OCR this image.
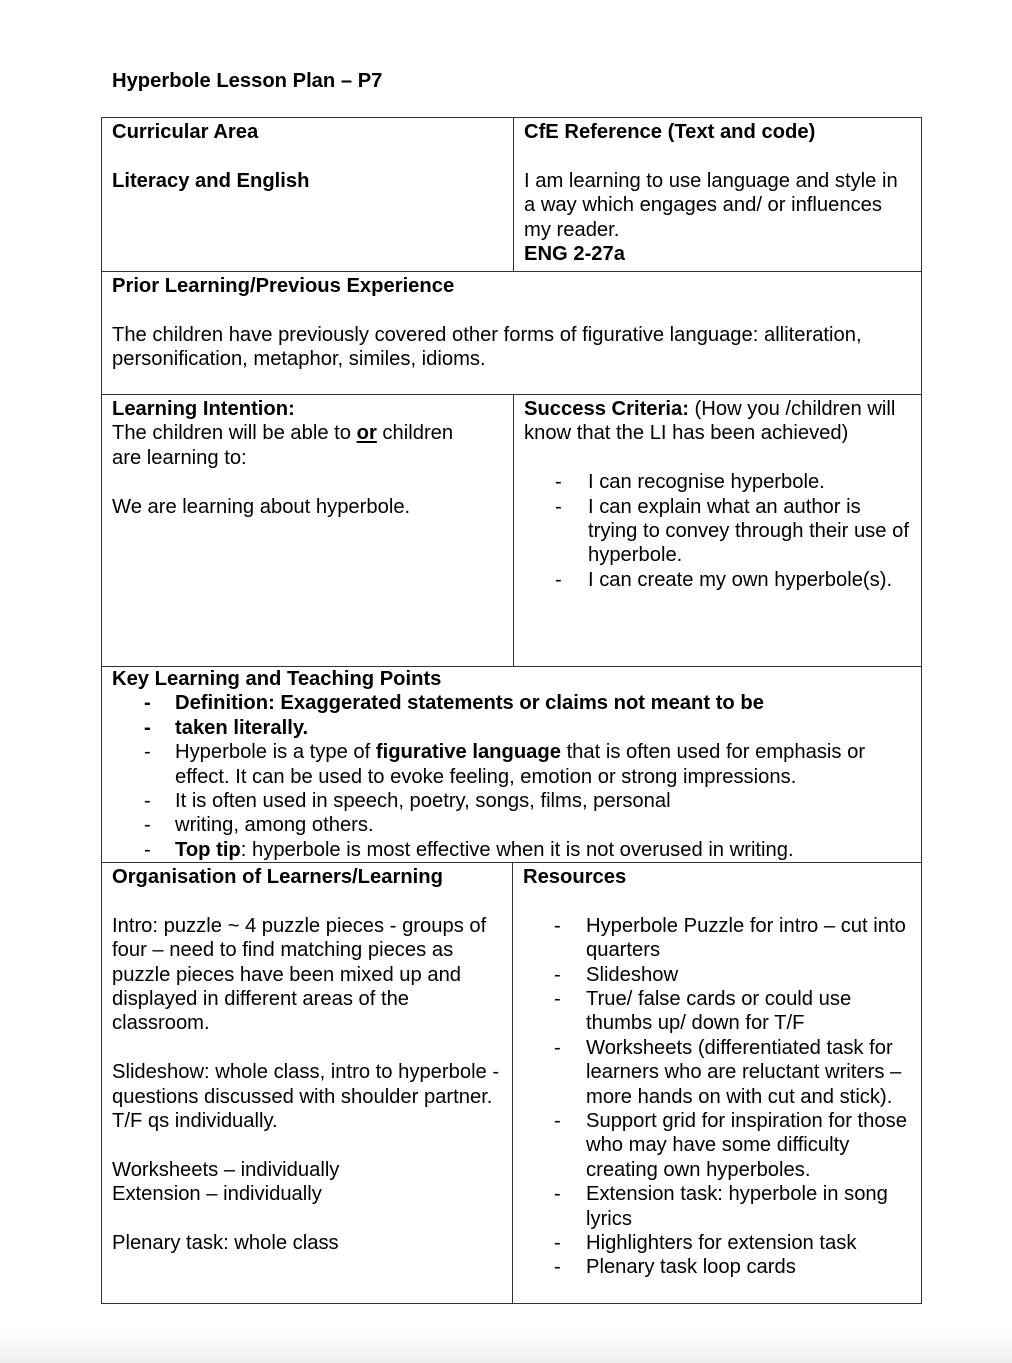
Hyperbole Lesson Plan – P7

Curricular Area

Literacy and English

CfE Reference (Text and code)

I am learning to use language and style in a way which engages and/ or influences my reader.

ENG 2-27a

Prior Learning/Previous Experience

The children have previously covered other forms of figurative language: alliteration, personification, metaphor, similes, idioms.

Learning Intention:

The children will be able to or children are learning to:

We are learning about hyperbole.

Success Criteria: (How you /children will know that the LI has been achieved)

- I can recognise hyperbole.
- I can explain what an author is trying to convey through their use of hyperbole.
- I can create my own hyperbole(s).

Key Learning and Teaching Points

- Definition: Exaggerated statements or claims not meant to be
- taken literally.
- Hyperbole is a type of figurative language that is often used for emphasis or effect. It can be used to evoke feeling, emotion or strong impressions.
- It is often used in speech, poetry, songs, films, personal
- writing, among others.
- Top tip: hyperbole is most effective when it is not overused in writing.

Organisation of Learners/Learning

Intro: puzzle ~ 4 puzzle pieces - groups of four – need to find matching pieces as puzzle pieces have been mixed up and displayed in different areas of the classroom.

Slideshow: whole class, intro to hyperbole - questions discussed with shoulder partner. T/F qs individually.

Worksheets – individually

Extension – individually

Plenary task: whole class

Resources

- Hyperbole Puzzle for intro – cut into quarters
- Slideshow
- True/ false cards or could use thumbs up/ down for T/F
- Worksheets (differentiated task for learners who are reluctant writers – more hands on with cut and stick).
- Support grid for inspiration for those who may have some difficulty creating own hyperboles.
- Extension task: hyperbole in song lyrics
- Highlighters for extension task
- Plenary task loop cards
